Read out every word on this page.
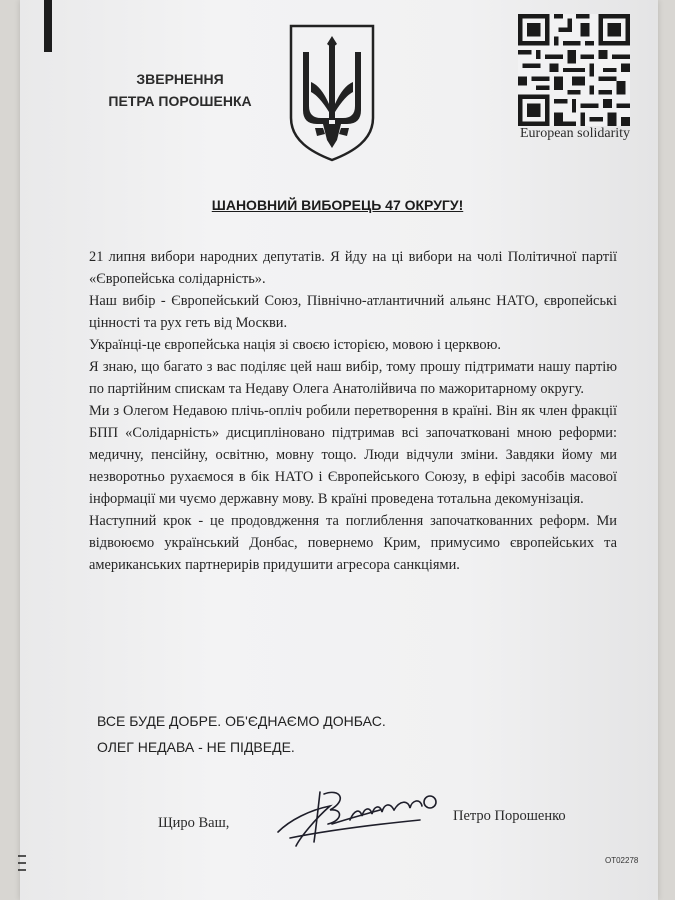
ЗВЕРНЕННЯ
ПЕТРА ПОРОШЕНКА
European solidarity
ШАНОВНИЙ ВИБОРЕЦЬ 47 ОКРУГУ!

21 липня вибори народних депутатів. Я йду на ці вибори на чолі Політичної партії «Європейська солідарність».

Наш вибір - Європейський Союз, Північно-атлантичний альянс НАТО, європейські цінності та рух геть від Москви.

Українці-це європейська нація зі своєю історією, мовою і церквою.

Я знаю, що багато з вас поділяє цей наш вибір, тому прошу підтримати нашу партію по партійним спискам та Недаву Олега Анатолійвича по мажоритарному округу.

Ми з Олегом Недавою плічь-опліч робили перетворення в країні. Він як член фракції БПП «Солідарність» дисципліновано підтримав всі започатковані мною реформи: медичну, пенсійну, освітню, мовну тощо. Люди відчули зміни. Завдяки йому ми незворотньо рухаємося в бік НАТО і Європейського Союзу, в ефірі засобів масової інформації ми чуємо державну мову. В країні проведена тотальна декомунізація.

Наступний крок - це продовдження та поглиблення започаткованних реформ. Ми відвоюємо український Донбас, повернемо Крим, примусимо європейських та американських партнерирів придушити агресора санкціями.

ВСЕ БУДЕ ДОБРЕ. ОБ'ЄДНАЄМО ДОНБАС.
ОЛЕГ НЕДАВА - НЕ ПІДВЕДЕ.
Щиро Ваш,	Петро Порошенко
ОТ02278
